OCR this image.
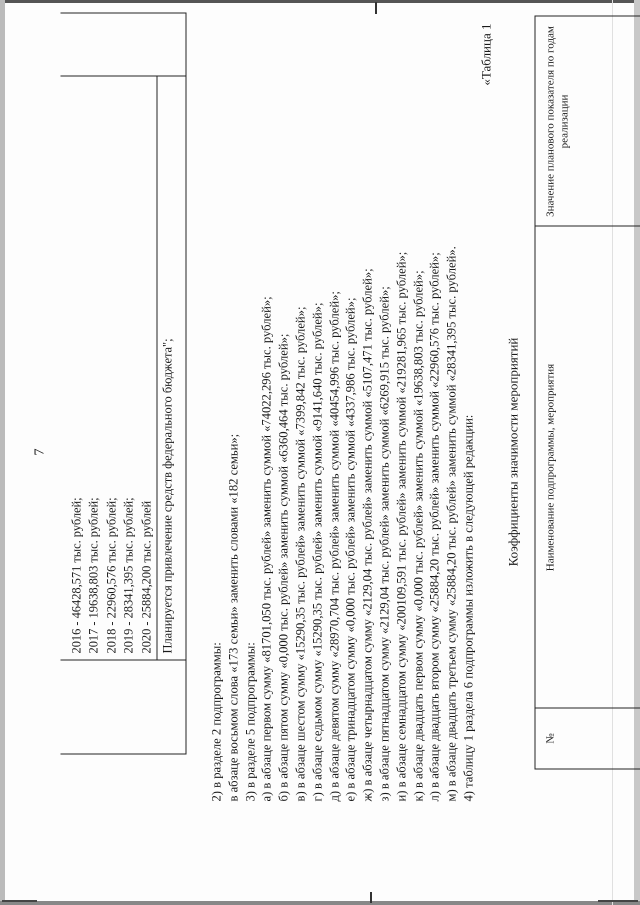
7
2016 - 46428,571 тыс. рублей; 2017 - 19638,803 тыс. рублей; 2018 - 22960,576 тыс. рублей; 2019 - 28341,395 тыс. рублей; 2020 - 25884,200 тыс. рублей Планируется привлечение средств федерального бюджета";
2) в разделе 2 подпрограммы: в абзаце восьмом слова «173 семьи» заменить словами «182 семьи»; 3) в разделе 5 подпрограммы: а) в абзаце первом сумму «81701,050 тыс. рублей» заменить суммой «74022,296 тыс. рублей»; б) в абзаце пятом сумму «0,000 тыс. рублей» заменить суммой «6360,464 тыс. рублей»; в) в абзаце шестом сумму «15290,35 тыс. рублей» заменить суммой «7399,842 тыс. рублей»; г) в абзаце седьмом сумму «15290,35 тыс. рублей» заменить суммой «9141,640 тыс. рублей»; д) в абзаце девятом сумму «28970,704 тыс. рублей» заменить суммой «40454,996 тыс. рублей»; е) в абзаце тринадцатом сумму «0,000 тыс. рублей» заменить суммой «4337,986 тыс. рублей»; ж) в абзаце четырнадцатом сумму «2129,04 тыс. рублей» заменить суммой «5107,471 тыс. рублей»; з) в абзаце пятнадцатом сумму «2129,04 тыс. рублей» заменить суммой «6269,915 тыс. рублей»; и) в абзаце семнадцатом сумму «200109,591 тыс. рублей» заменить суммой «219281,965 тыс. рублей»; к) в абзаце двадцать первом сумму «0,000 тыс. рублей» заменить суммой «19638,803 тыс. рублей»; л) в абзаце двадцать втором сумму «25884,20 тыс. рублей» заменить суммой «22960,576 тыс. рублей»; м) в абзаце двадцать третьем сумму «25884,20 тыс. рублей» заменить суммой «28341,395 тыс. рублей». 4) таблицу 1 раздела 6 подпрограммы изложить в следующей редакции:
«Таблица 1
Коэффициенты значимости мероприятий
№
Наименование подпрограммы, мероприятия
Значение планового показателя по годам реализации
